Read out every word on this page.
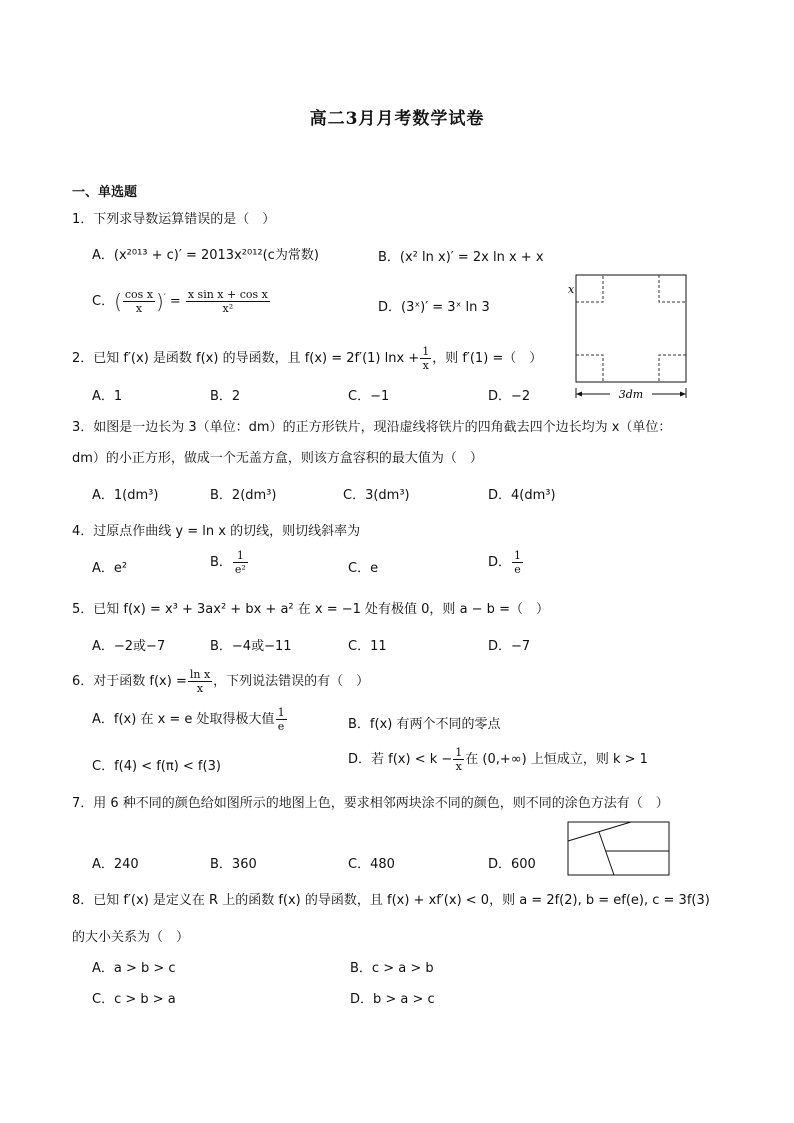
高二3月月考数学试卷
一、单选题
1．下列求导数运算错误的是（　）
A．(x²⁰¹³ + c)′ = 2013x²⁰¹²(c为常数)	B．(x² ln x)′ = 2x ln x + x
C．( $\frac{\text{cos x}}{x} )' = \frac{\text{x sin x + cos x}}{\text{x²}}$	D．(3ˣ)′ = 3ˣ ln 3
x
3dm
2．已知 f′(x) 是函数 f(x) 的导函数，且 f(x) = 2f′(1) $\ln x + \frac{1}{x}$ ，则 f′(1) =（　）
A．1	B．2	C．−1	D．−2
3．如图是一边长为 3（单位：dm）的正方形铁片，现沿虚线将铁片的四角截去四个边长均为 x（单位：
dm）的小正方形，做成一个无盖方盒，则该方盒容积的最大值为（　）
A．1(dm³)	B．2(dm³)	C．3(dm³)	D．4(dm³)
4．过原点作曲线 y = ln x 的切线，则切线斜率为
A．e²	B． $\frac{1}{\text{e²}}$	C．e	D． $\frac{1}{e}$
5．已知 f(x) = x³ + 3ax² + bx + a² 在 x = −1 处有极值 0，则 a − b =（　）
A．−2或−7	B．−4或−11	C．11	D．−7
6．对于函数 $f(x) = \frac{\text{ln x}}{x}$ ，下列说法错误的有（　）
A．f(x) 在 x = e 处取得极大值 $\frac{1}{e}$	B．f(x) 有两个不同的零点
C．f(4) < f(π) < f(3)	D．若 $f(x) < k - \frac{1}{x}$ 在 (0,+∞) 上恒成立，则 k > 1
7．用 6 种不同的颜色给如图所示的地图上色，要求相邻两块涂不同的颜色，则不同的涂色方法有（　）
A．240	B．360	C．480	D．600
8．已知 f′(x) 是定义在 R 上的函数 f(x) 的导函数，且 f(x) + xf′(x) < 0，则 a = 2f(2), b = ef(e), c = 3f(3)
的大小关系为（　）
A．a > b > c	B．c > a > b
C．c > b > a	D．b > a > c
